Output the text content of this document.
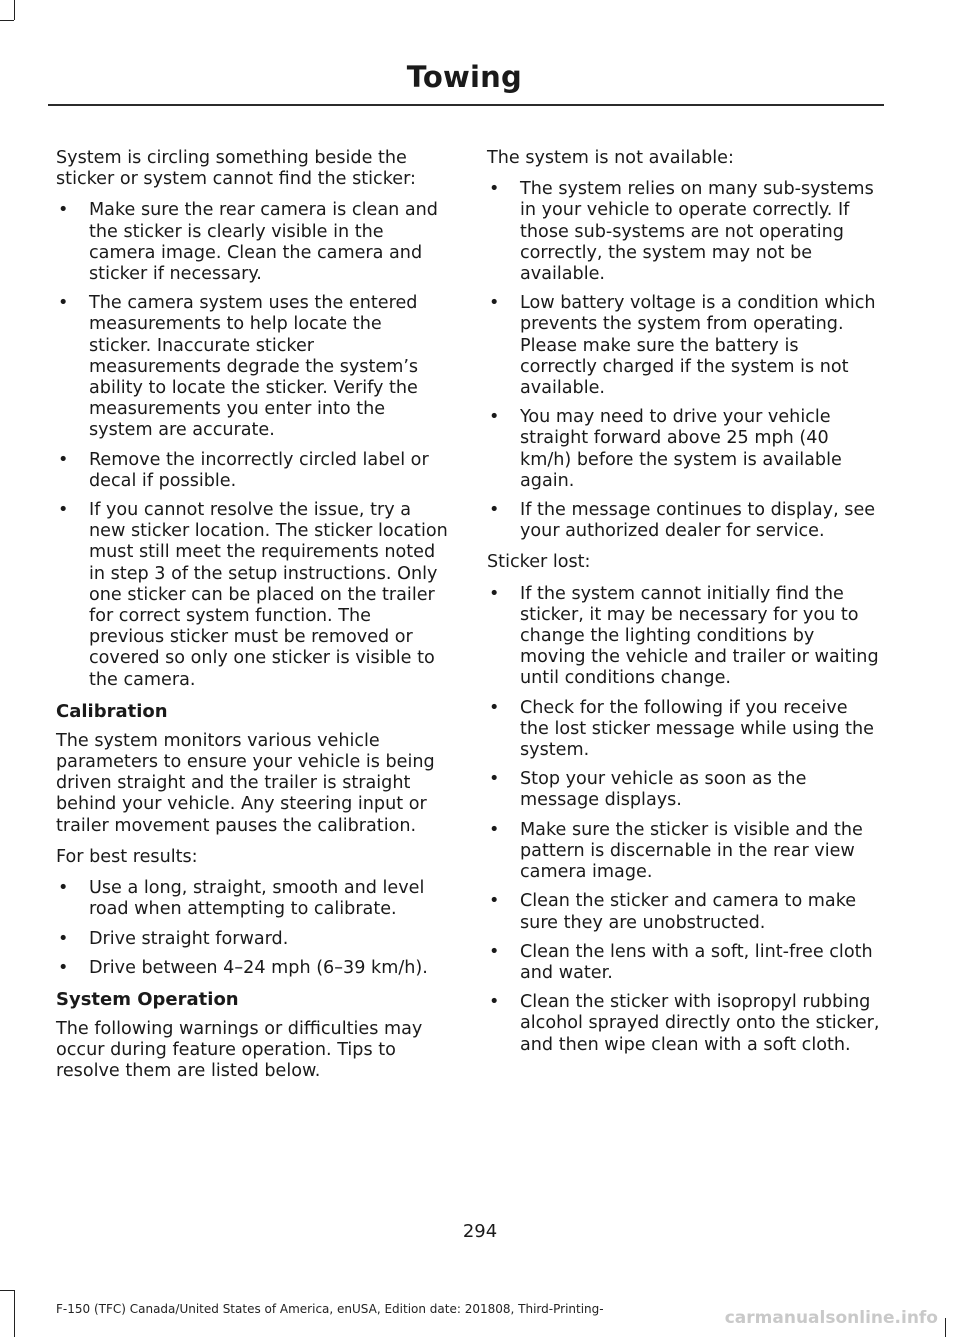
Towing

System is circling something beside the sticker or system cannot find the sticker:

• Make sure the rear camera is clean and the sticker is clearly visible in the camera image. Clean the camera and sticker if necessary.
• The camera system uses the entered measurements to help locate the sticker. Inaccurate sticker measurements degrade the system’s ability to locate the sticker. Verify the measurements you enter into the system are accurate.
• Remove the incorrectly circled label or decal if possible.
• If you cannot resolve the issue, try a new sticker location. The sticker location must still meet the requirements noted in step 3 of the setup instructions. Only one sticker can be placed on the trailer for correct system function. The previous sticker must be removed or covered so only one sticker is visible to the camera.
Calibration

The system monitors various vehicle parameters to ensure your vehicle is being driven straight and the trailer is straight behind your vehicle. Any steering input or trailer movement pauses the calibration.

For best results:

• Use a long, straight, smooth and level road when attempting to calibrate.
• Drive straight forward.
• Drive between 4–24 mph (6–39 km/h).
System Operation

The following warnings or difficulties may occur during feature operation. Tips to resolve them are listed below.

The system is not available:

• The system relies on many sub-systems in your vehicle to operate correctly. If those sub-systems are not operating correctly, the system may not be available.
• Low battery voltage is a condition which prevents the system from operating. Please make sure the battery is correctly charged if the system is not available.
• You may need to drive your vehicle straight forward above 25 mph (40 km/h) before the system is available again.
• If the message continues to display, see your authorized dealer for service.

Sticker lost:

• If the system cannot initially find the sticker, it may be necessary for you to change the lighting conditions by moving the vehicle and trailer or waiting until conditions change.
• Check for the following if you receive the lost sticker message while using the system.
• Stop your vehicle as soon as the message displays.
• Make sure the sticker is visible and the pattern is discernable in the rear view camera image.
• Clean the sticker and camera to make sure they are unobstructed.
• Clean the lens with a soft, lint-free cloth and water.
• Clean the sticker with isopropyl rubbing alcohol sprayed directly onto the sticker, and then wipe clean with a soft cloth.
294
F-150 (TFC) Canada/United States of America, enUSA, Edition date: 201808, Third-Printing-	carmanualsonline.info
